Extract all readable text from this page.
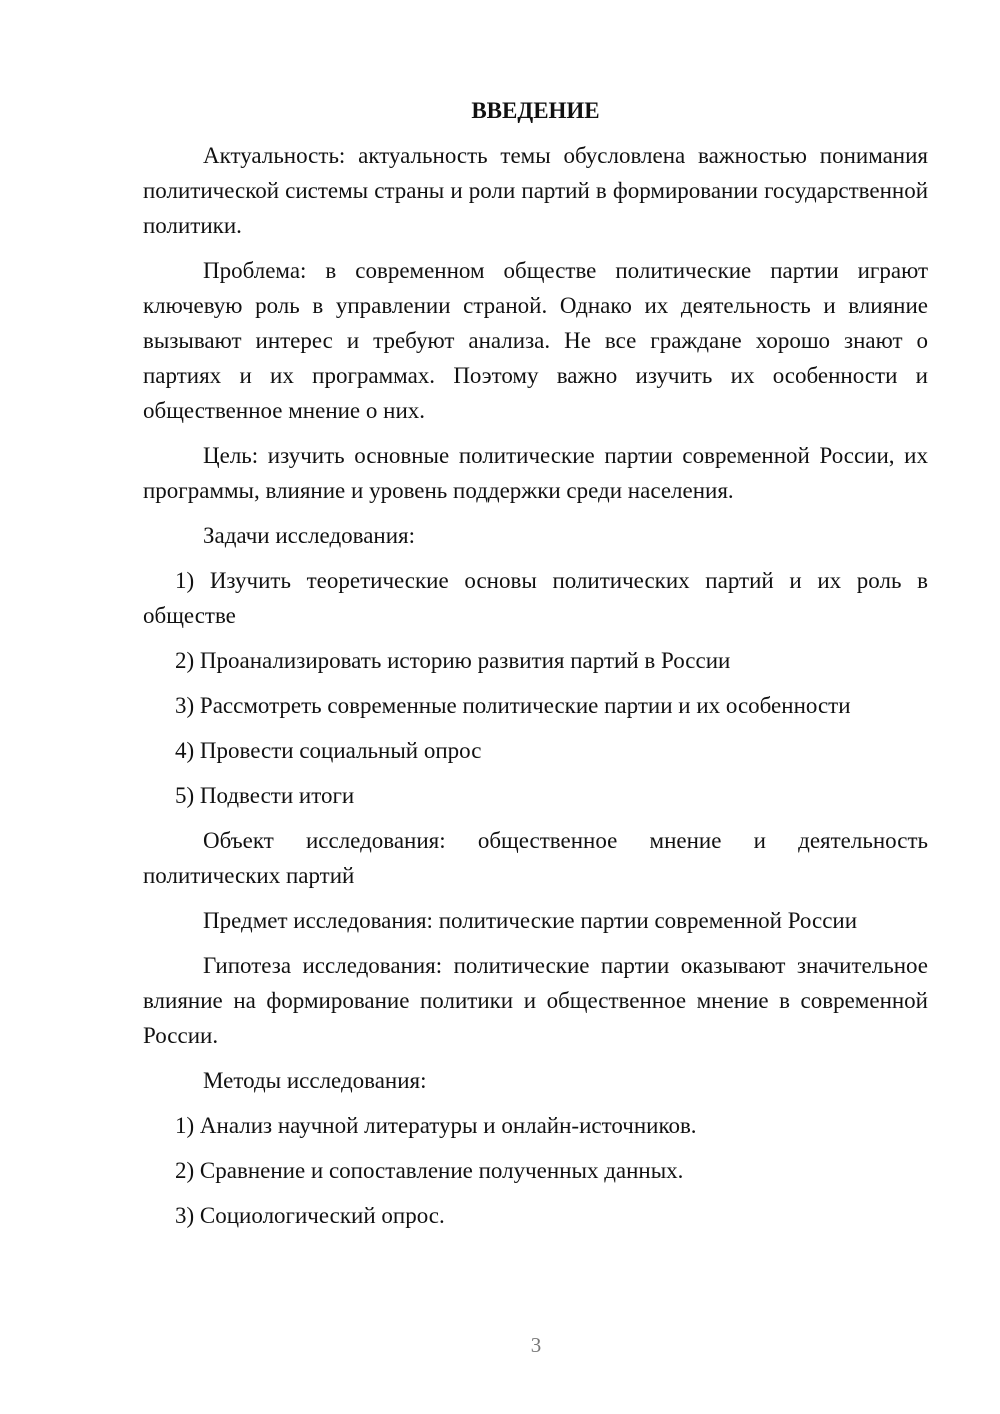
ВВЕДЕНИЕ

Актуальность: актуальность темы обусловлена важностью понимания политической системы страны и роли партий в формировании государственной политики.

Проблема: в современном обществе политические партии играют ключевую роль в управлении страной. Однако их деятельность и влияние вызывают интерес и требуют анализа. Не все граждане хорошо знают о партиях и их программах. Поэтому важно изучить их особенности и общественное мнение о них.

Цель: изучить основные политические партии современной России, их программы, влияние и уровень поддержки среди населения.

Задачи исследования:

1) Изучить теоретические основы политических партий и их роль в обществе

2) Проанализировать историю развития партий в России

3) Рассмотреть современные политические партии и их особенности

4) Провести социальный опрос

5) Подвести итоги

Объект исследования: общественное мнение и деятельность политических партий

Предмет исследования: политические партии современной России

Гипотеза исследования: политические партии оказывают значительное влияние на формирование политики и общественное мнение в современной России.

Методы исследования:

1) Анализ научной литературы и онлайн-источников.

2) Сравнение и сопоставление полученных данных.

3) Социологический опрос.

3
